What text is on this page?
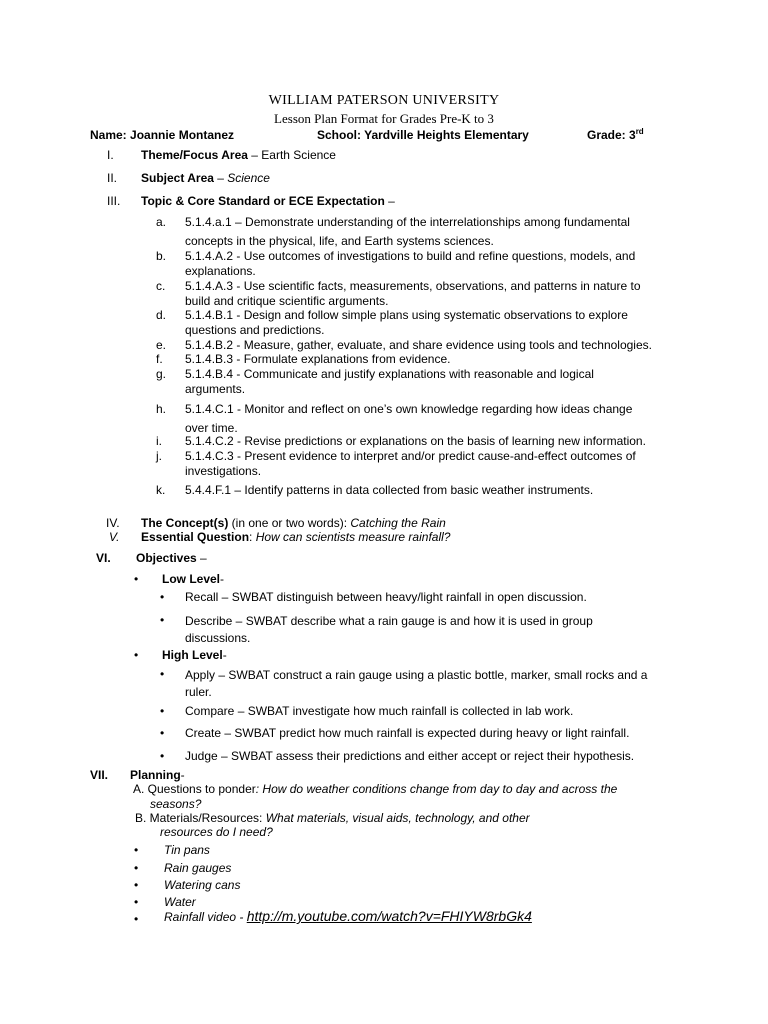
WILLIAM PATERSON UNIVERSITY
Lesson Plan Format for Grades Pre-K to 3
Name: Joannie Montanez	School: Yardville Heights Elementary	Grade: 3rd
I.	Theme/Focus Area – Earth Science
II.	Subject Area – Science
III.	Topic & Core Standard or ECE Expectation –
a.	5.1.4.a.1 – Demonstrate understanding of the interrelationships among fundamental
concepts in the physical, life, and Earth systems sciences.
b.	5.1.4.A.2 - Use outcomes of investigations to build and refine questions, models, and
explanations.
c.	5.1.4.A.3 - Use scientific facts, measurements, observations, and patterns in nature to
build and critique scientific arguments.
d.	5.1.4.B.1 - Design and follow simple plans using systematic observations to explore
questions and predictions.
e.	5.1.4.B.2 - Measure, gather, evaluate, and share evidence using tools and technologies.
f.	5.1.4.B.3 - Formulate explanations from evidence.
g.	5.1.4.B.4 - Communicate and justify explanations with reasonable and logical
arguments.
h.	5.1.4.C.1 - Monitor and reflect on one’s own knowledge regarding how ideas change
over time.
i.	5.1.4.C.2 - Revise predictions or explanations on the basis of learning new information.
j.	5.1.4.C.3 - Present evidence to interpret and/or predict cause-and-effect outcomes of
investigations.
k.	5.4.4.F.1 – Identify patterns in data collected from basic weather instruments.
IV.	The Concept(s) (in one or two words): Catching the Rain
V.	Essential Question: How can scientists measure rainfall?
VI.	Objectives –
• Low Level-
• Recall – SWBAT distinguish between heavy/light rainfall in open discussion.
• Describe – SWBAT describe what a rain gauge is and how it is used in group
discussions.
• High Level-
• Apply – SWBAT construct a rain gauge using a plastic bottle, marker, small rocks and a
ruler.
• Compare – SWBAT investigate how much rainfall is collected in lab work.
• Create – SWBAT predict how much rainfall is expected during heavy or light rainfall.
• Judge – SWBAT assess their predictions and either accept or reject their hypothesis.
VII.	Planning-
A. Questions to ponder: How do weather conditions change from day to day and across the
seasons?
B. Materials/Resources: What materials, visual aids, technology, and other
resources do I need?
• Tin pans
• Rain gauges
• Watering cans
• Water
• Rainfall video - http://m.youtube.com/watch?v=FHIYW8rbGk4
